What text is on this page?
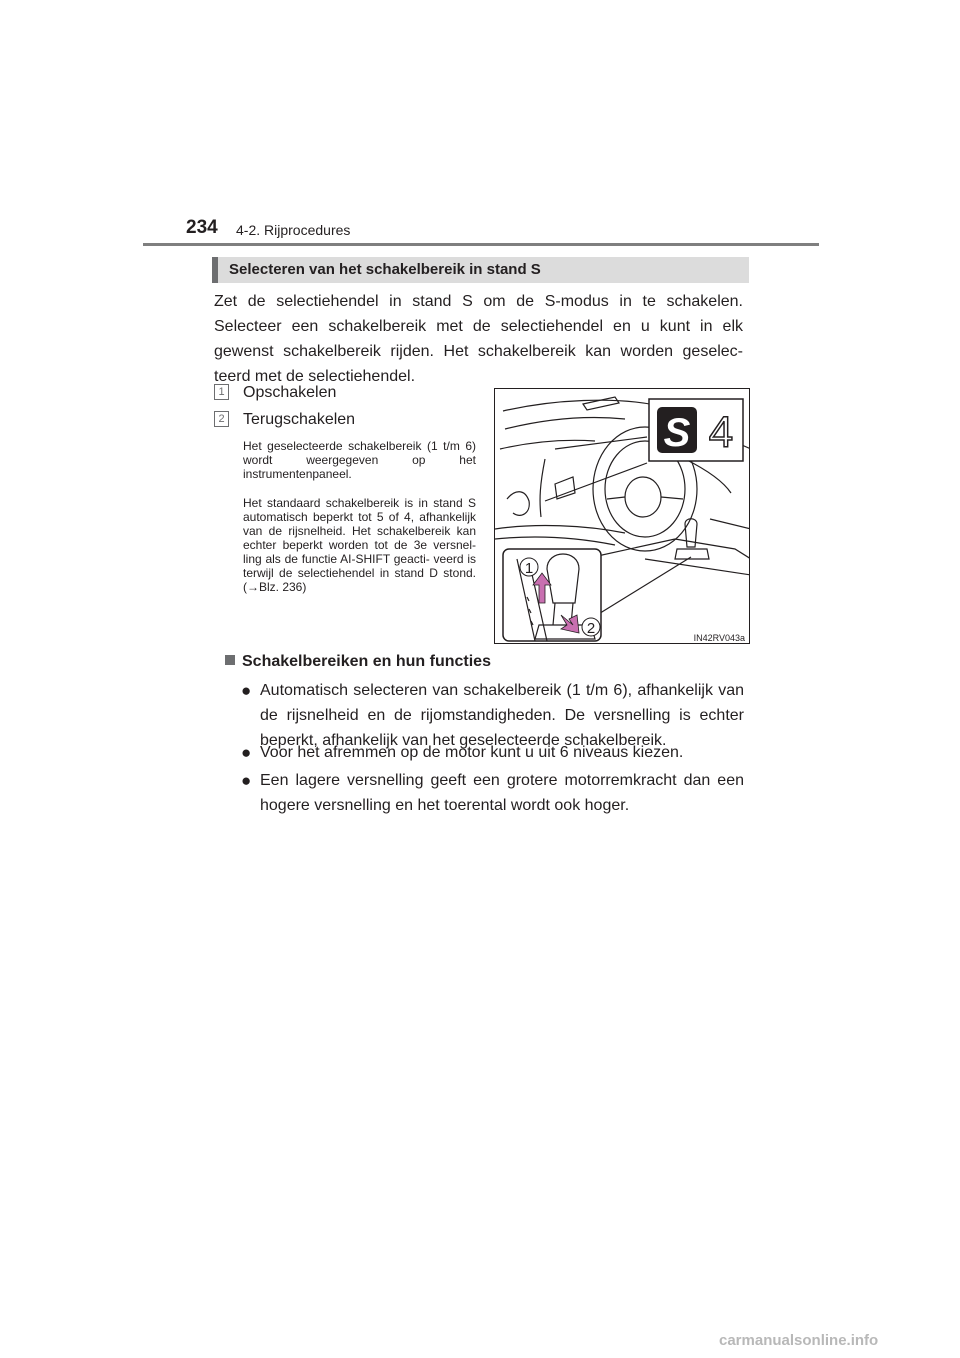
234 4-2. Rijprocedures
Selecteren van het schakelbereik in stand S

Zet de selectiehendel in stand S om de S-modus in te schakelen. Selecteer een schakelbereik met de selectiehendel en u kunt in elk gewenst schakelbereik rijden. Het schakelbereik kan worden geselec- teerd met de selectiehendel.

1 Opschakelen
2 Terugschakelen

Het geselecteerde schakelbereik (1 t/m 6) wordt weergegeven op het instrumentenpaneel.

Het standaard schakelbereik is in stand S automatisch beperkt tot 5 of 4, afhankelijk van de rijsnelheid. Het schakelbereik kan echter beperkt worden tot de 3e versnel- ling als de functie AI-SHIFT geacti- veerd is terwijl de selectiehendel in stand D stond. (→Blz. 236)

S 4
1
2
IN42RV043a
Schakelbereiken en hun functies
● Automatisch selecteren van schakelbereik (1 t/m 6), afhankelijk van de rijsnelheid en de rijomstandigheden. De versnelling is echter beperkt, afhankelijk van het geselecteerde schakelbereik.

● Voor het afremmen op de motor kunt u uit 6 niveaus kiezen.

● Een lagere versnelling geeft een grotere motorremkracht dan een hogere versnelling en het toerental wordt ook hoger.

carmanualsonline.info
